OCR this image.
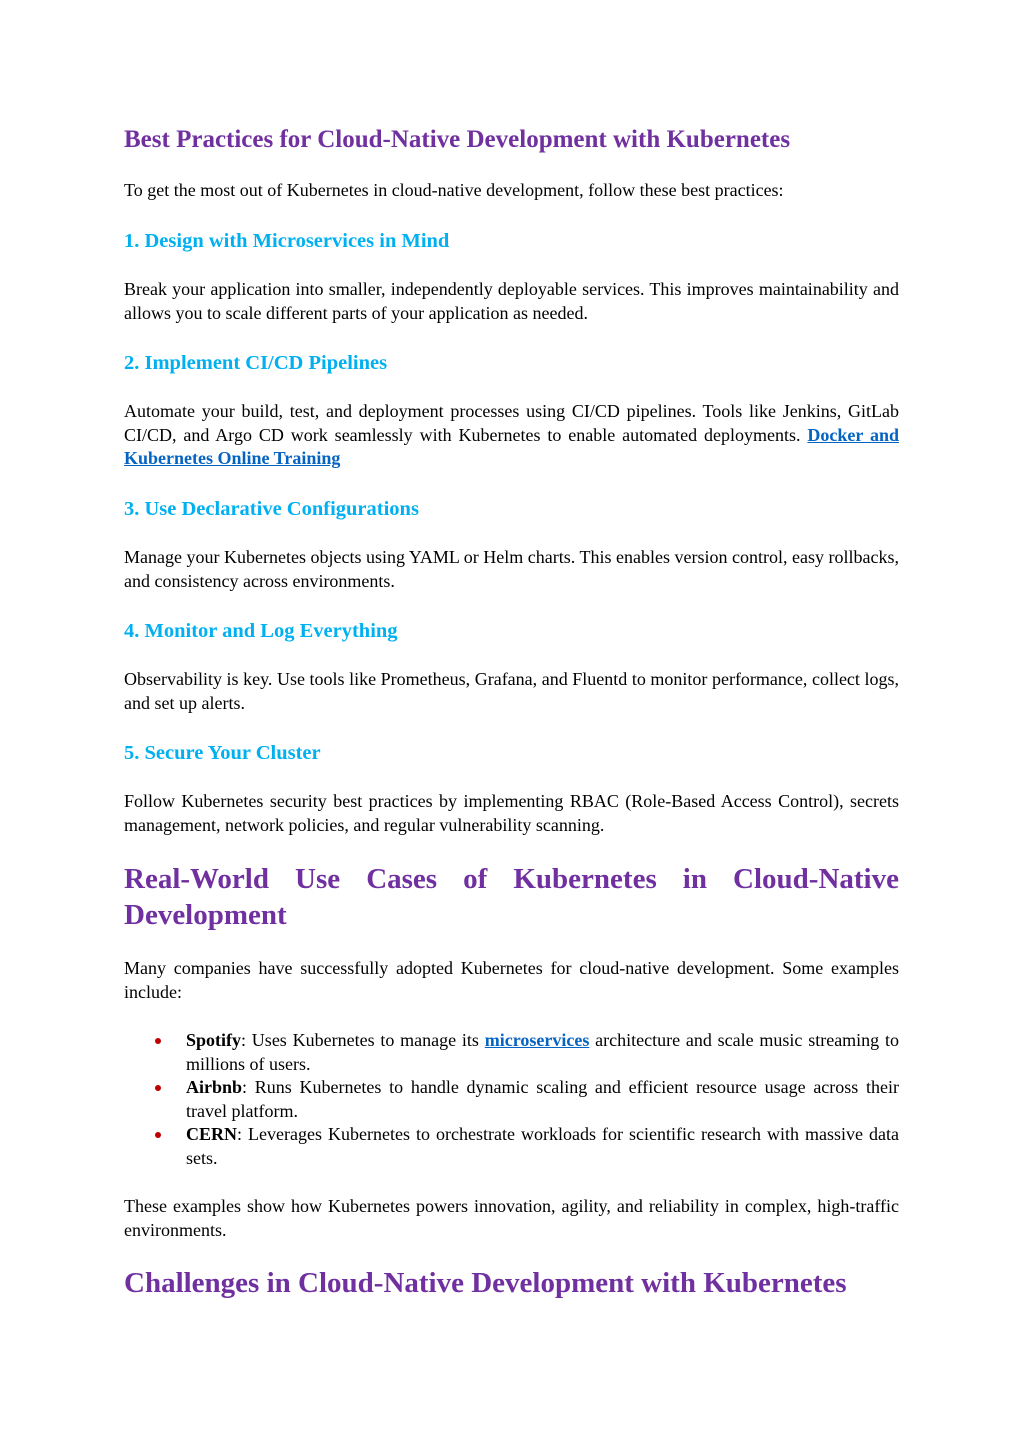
Best Practices for Cloud-Native Development with Kubernetes

To get the most out of Kubernetes in cloud-native development, follow these best practices:

1. Design with Microservices in Mind

Break your application into smaller, independently deployable services. This improves maintainability and allows you to scale different parts of your application as needed.

2. Implement CI/CD Pipelines

Automate your build, test, and deployment processes using CI/CD pipelines. Tools like Jenkins, GitLab CI/CD, and Argo CD work seamlessly with Kubernetes to enable automated deployments. Docker and Kubernetes Online Training

3. Use Declarative Configurations

Manage your Kubernetes objects using YAML or Helm charts. This enables version control, easy rollbacks, and consistency across environments.

4. Monitor and Log Everything

Observability is key. Use tools like Prometheus, Grafana, and Fluentd to monitor performance, collect logs, and set up alerts.

5. Secure Your Cluster

Follow Kubernetes security best practices by implementing RBAC (Role-Based Access Control), secrets management, network policies, and regular vulnerability scanning.

Real-World Use Cases of Kubernetes in Cloud-Native Development

Many companies have successfully adopted Kubernetes for cloud-native development. Some examples include:

Spotify: Uses Kubernetes to manage its microservices architecture and scale music streaming to millions of users.
Airbnb: Runs Kubernetes to handle dynamic scaling and efficient resource usage across their travel platform.
CERN: Leverages Kubernetes to orchestrate workloads for scientific research with massive data sets.

These examples show how Kubernetes powers innovation, agility, and reliability in complex, high-traffic environments.

Challenges in Cloud-Native Development with Kubernetes
